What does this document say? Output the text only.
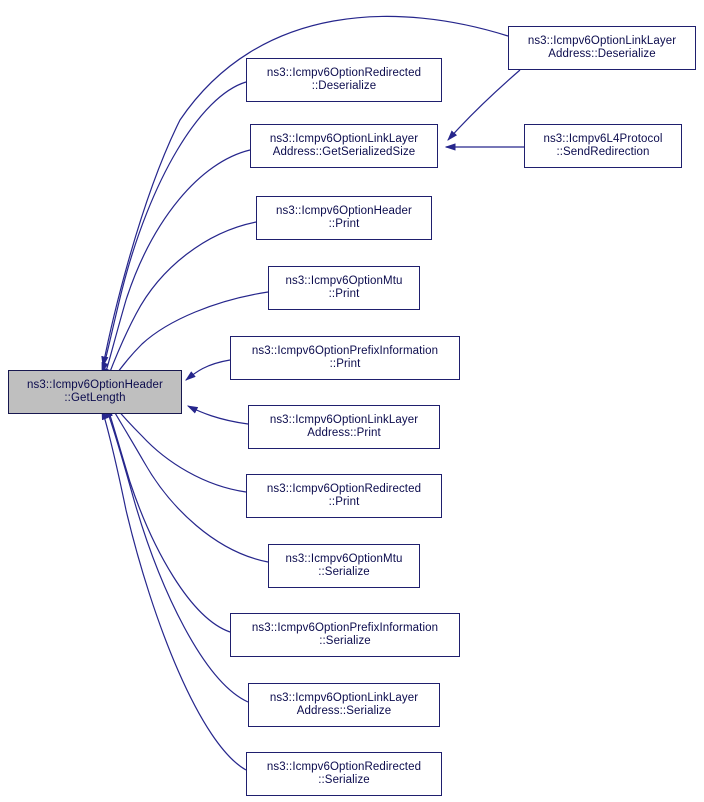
ns3::Icmpv6OptionHeader
::GetLength
ns3::Icmpv6OptionRedirected
::Deserialize
ns3::Icmpv6OptionLinkLayer
Address::GetSerializedSize
ns3::Icmpv6OptionHeader
::Print
ns3::Icmpv6OptionMtu
::Print
ns3::Icmpv6OptionPrefixInformation
::Print
ns3::Icmpv6OptionLinkLayer
Address::Print
ns3::Icmpv6OptionRedirected
::Print
ns3::Icmpv6OptionMtu
::Serialize
ns3::Icmpv6OptionPrefixInformation
::Serialize
ns3::Icmpv6OptionLinkLayer
Address::Serialize
ns3::Icmpv6OptionRedirected
::Serialize
ns3::Icmpv6OptionLinkLayer
Address::Deserialize
ns3::Icmpv6L4Protocol
::SendRedirection
